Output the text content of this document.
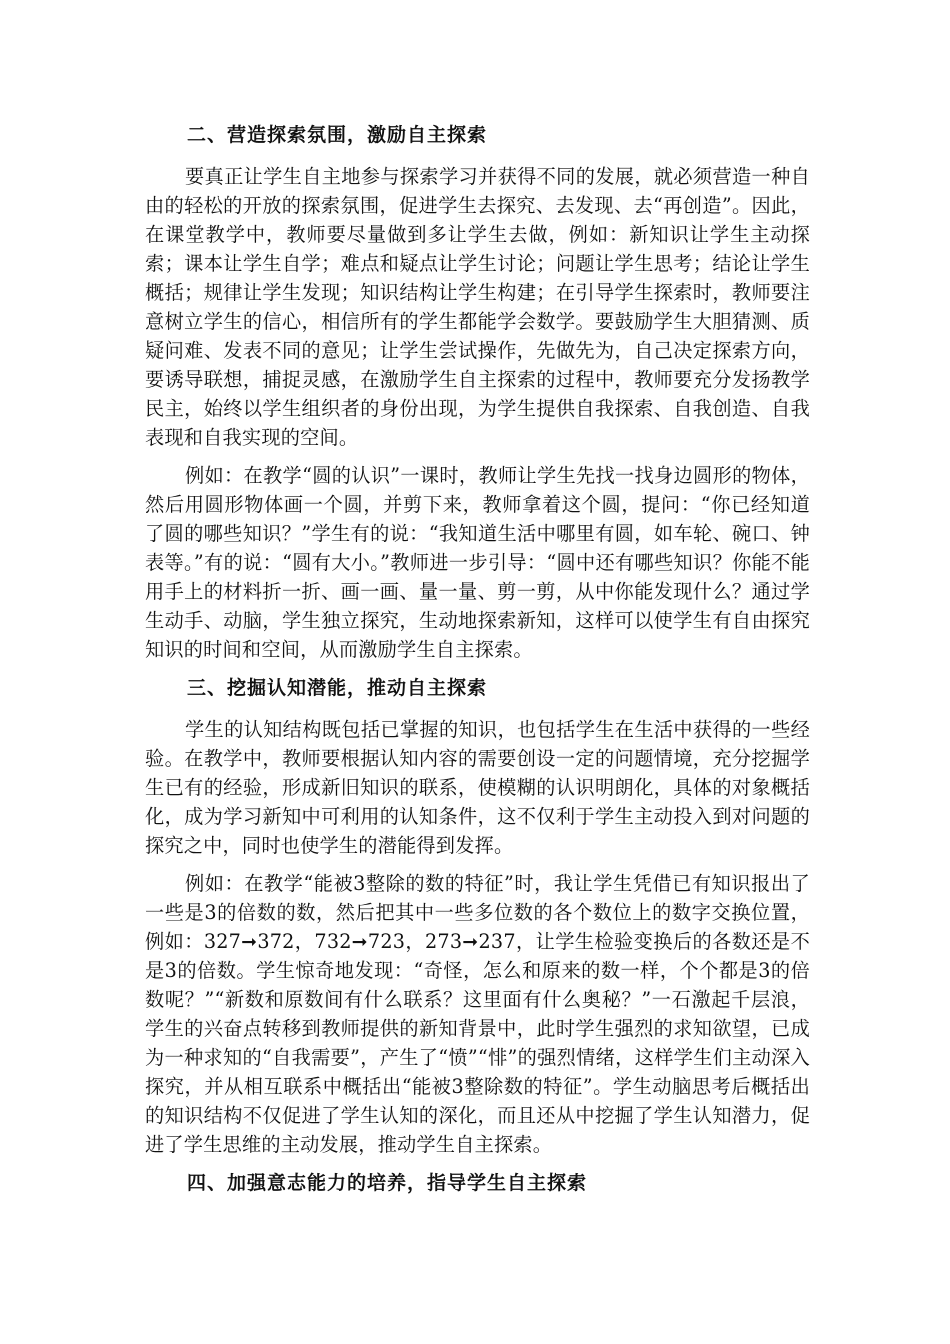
二、营造探索氛围，激励自主探索

要真正让学生自主地参与探索学习并获得不同的发展，就必须营造一种自由的轻松的开放的探索氛围，促进学生去探究、去发现、去“再创造”。因此，在课堂教学中，教师要尽量做到多让学生去做，例如：新知识让学生主动探索；课本让学生自学；难点和疑点让学生讨论；问题让学生思考；结论让学生概括；规律让学生发现；知识结构让学生构建；在引导学生探索时，教师要注意树立学生的信心，相信所有的学生都能学会数学。要鼓励学生大胆猜测、质疑问难、发表不同的意见；让学生尝试操作，先做先为，自己决定探索方向，要诱导联想，捕捉灵感，在激励学生自主探索的过程中，教师要充分发扬教学民主，始终以学生组织者的身份出现，为学生提供自我探索、自我创造、自我表现和自我实现的空间。

例如：在教学“圆的认识”一课时，教师让学生先找一找身边圆形的物体，然后用圆形物体画一个圆，并剪下来，教师拿着这个圆，提问：“你已经知道了圆的哪些知识？”学生有的说：“我知道生活中哪里有圆，如车轮、碗口、钟表等。”有的说：“圆有大小。”教师进一步引导：“圆中还有哪些知识？你能不能用手上的材料折一折、画一画、量一量、剪一剪，从中你能发现什么？通过学生动手、动脑，学生独立探究，生动地探索新知，这样可以使学生有自由探究知识的时间和空间，从而激励学生自主探索。

三、挖掘认知潜能，推动自主探索

学生的认知结构既包括已掌握的知识，也包括学生在生活中获得的一些经验。在教学中，教师要根据认知内容的需要创设一定的问题情境，充分挖掘学生已有的经验，形成新旧知识的联系，使模糊的认识明朗化，具体的对象概括化，成为学习新知中可利用的认知条件，这不仅利于学生主动投入到对问题的探究之中，同时也使学生的潜能得到发挥。

例如：在教学“能被3整除的数的特征”时，我让学生凭借已有知识报出了一些是3的倍数的数，然后把其中一些多位数的各个数位上的数字交换位置，例如：327➞372，732➞723，273➞237，让学生检验变换后的各数还是不是3的倍数。学生惊奇地发现：“奇怪，怎么和原来的数一样，个个都是3的倍数呢？”“新数和原数间有什么联系？这里面有什么奥秘？”一石激起千层浪，学生的兴奋点转移到教师提供的新知背景中，此时学生强烈的求知欲望，已成为一种求知的“自我需要”，产生了“愤”“悱”的强烈情绪，这样学生们主动深入探究，并从相互联系中概括出“能被3整除数的特征”。学生动脑思考后概括出的知识结构不仅促进了学生认知的深化，而且还从中挖掘了学生认知潜力，促进了学生思维的主动发展，推动学生自主探索。

四、加强意志能力的培养，指导学生自主探索
